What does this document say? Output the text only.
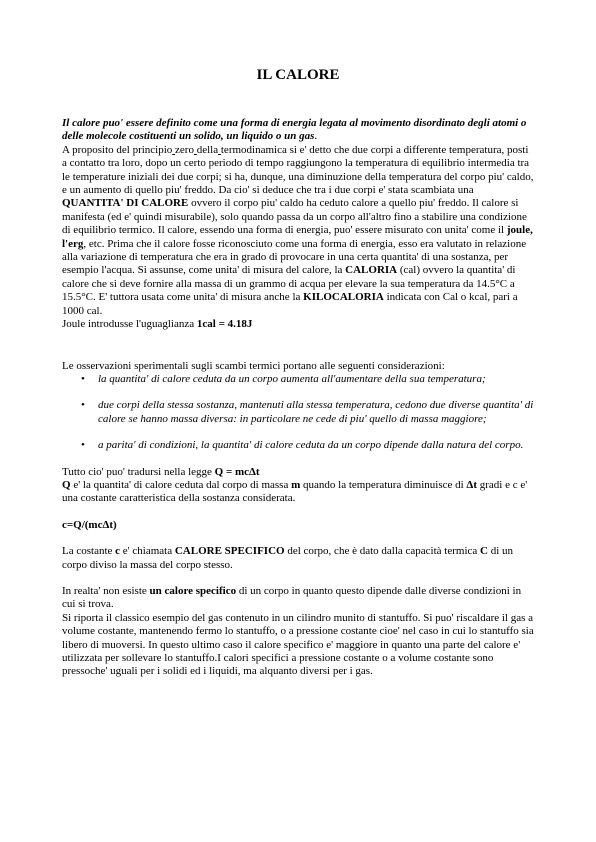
IL CALORE

Il calore puo' essere definito come una forma di energia legata al movimento disordinato degli atomi o delle molecole costituenti un solido, un liquido o un gas.

A proposito del principio zero della termodinamica si e' detto che due corpi a differente temperatura, posti a contatto tra loro, dopo un certo periodo di tempo raggiungono la temperatura di equilibrio intermedia tra le temperature iniziali dei due corpi; si ha, dunque, una diminuzione della temperatura del corpo piu' caldo, e un aumento di quello piu' freddo. Da cio' si deduce che tra i due corpi e' stata scambiata una QUANTITA' DI CALORE ovvero il corpo piu' caldo ha ceduto calore a quello piu' freddo. Il calore si manifesta (ed e' quindi misurabile), solo quando passa da un corpo all'altro fino a stabilire una condizione di equilibrio termico. Il calore, essendo una forma di energia, puo' essere misurato con unita' come il joule, l'erg, etc. Prima che il calore fosse riconosciuto come una forma di energia, esso era valutato in relazione alla variazione di temperatura che era in grado di provocare in una certa quantita' di una sostanza, per esempio l'acqua. Si assunse, come unita' di misura del calore, la CALORIA (cal) ovvero la quantita' di calore che si deve fornire alla massa di un grammo di acqua per elevare la sua temperatura da 14.5°C a 15.5°C. E' tuttora usata come unita' di misura anche la KILOCALORIA indicata con Cal o kcal, pari a 1000 cal.

Joule introdusse l'uguaglianza 1cal = 4.18J

Le osservazioni sperimentali sugli scambi termici portano alle seguenti considerazioni:

• la quantita' di calore ceduta da un corpo aumenta all'aumentare della sua temperatura;
• due corpi della stessa sostanza, mantenuti alla stessa temperatura, cedono due diverse quantita' di calore se hanno massa diversa: in particolare ne cede di piu' quello di massa maggiore;
• a parita' di condizioni, la quantita' di calore ceduta da un corpo dipende dalla natura del corpo.

Tutto cio' puo' tradursi nella legge Q = mcΔt

Q e' la quantita' di calore ceduta dal corpo di massa m quando la temperatura diminuisce di Δt gradi e c e' una costante caratteristica della sostanza considerata.

c=Q/(mcΔt)

La costante c e' chiamata CALORE SPECIFICO del corpo, che è dato dalla capacità termica C di un corpo diviso la massa del corpo stesso.

In realta' non esiste un calore specifico di un corpo in quanto questo dipende dalle diverse condizioni in cui si trova.

Si riporta il classico esempio del gas contenuto in un cilindro munito di stantuffo. Si puo' riscaldare il gas a volume costante, mantenendo fermo lo stantuffo, o a pressione costante cioe' nel caso in cui lo stantuffo sia libero di muoversi. In questo ultimo caso il calore specifico e' maggiore in quanto una parte del calore e' utilizzata per sollevare lo stantuffo.I calori specifici a pressione costante o a volume costante sono pressoche' uguali per i solidi ed i liquidi, ma alquanto diversi per i gas.
